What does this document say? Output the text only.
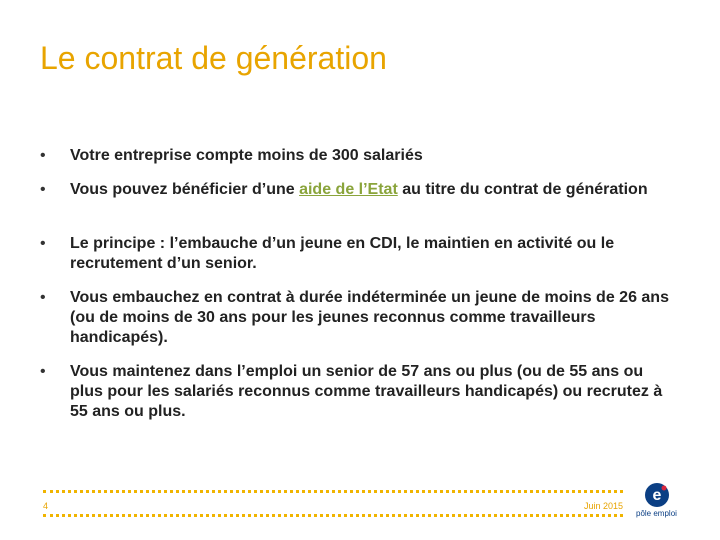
Le contrat de génération
• Votre entreprise compte moins de 300 salariés
• Vous pouvez bénéficier d’une aide de l’Etat au titre du contrat de génération
• Le principe : l’embauche d’un jeune en CDI, le maintien en activité ou le recrutement d’un senior.
• Vous embauchez en contrat à durée indéterminée un jeune de moins de 26 ans (ou de moins de 30 ans pour les jeunes reconnus comme travailleurs handicapés).
• Vous maintenez dans l’emploi un senior de 57 ans ou plus (ou de 55 ans ou plus pour les salariés reconnus comme travailleurs handicapés) ou recrutez à 55 ans ou plus.
4	Juin 2015
e
pôle emploi
